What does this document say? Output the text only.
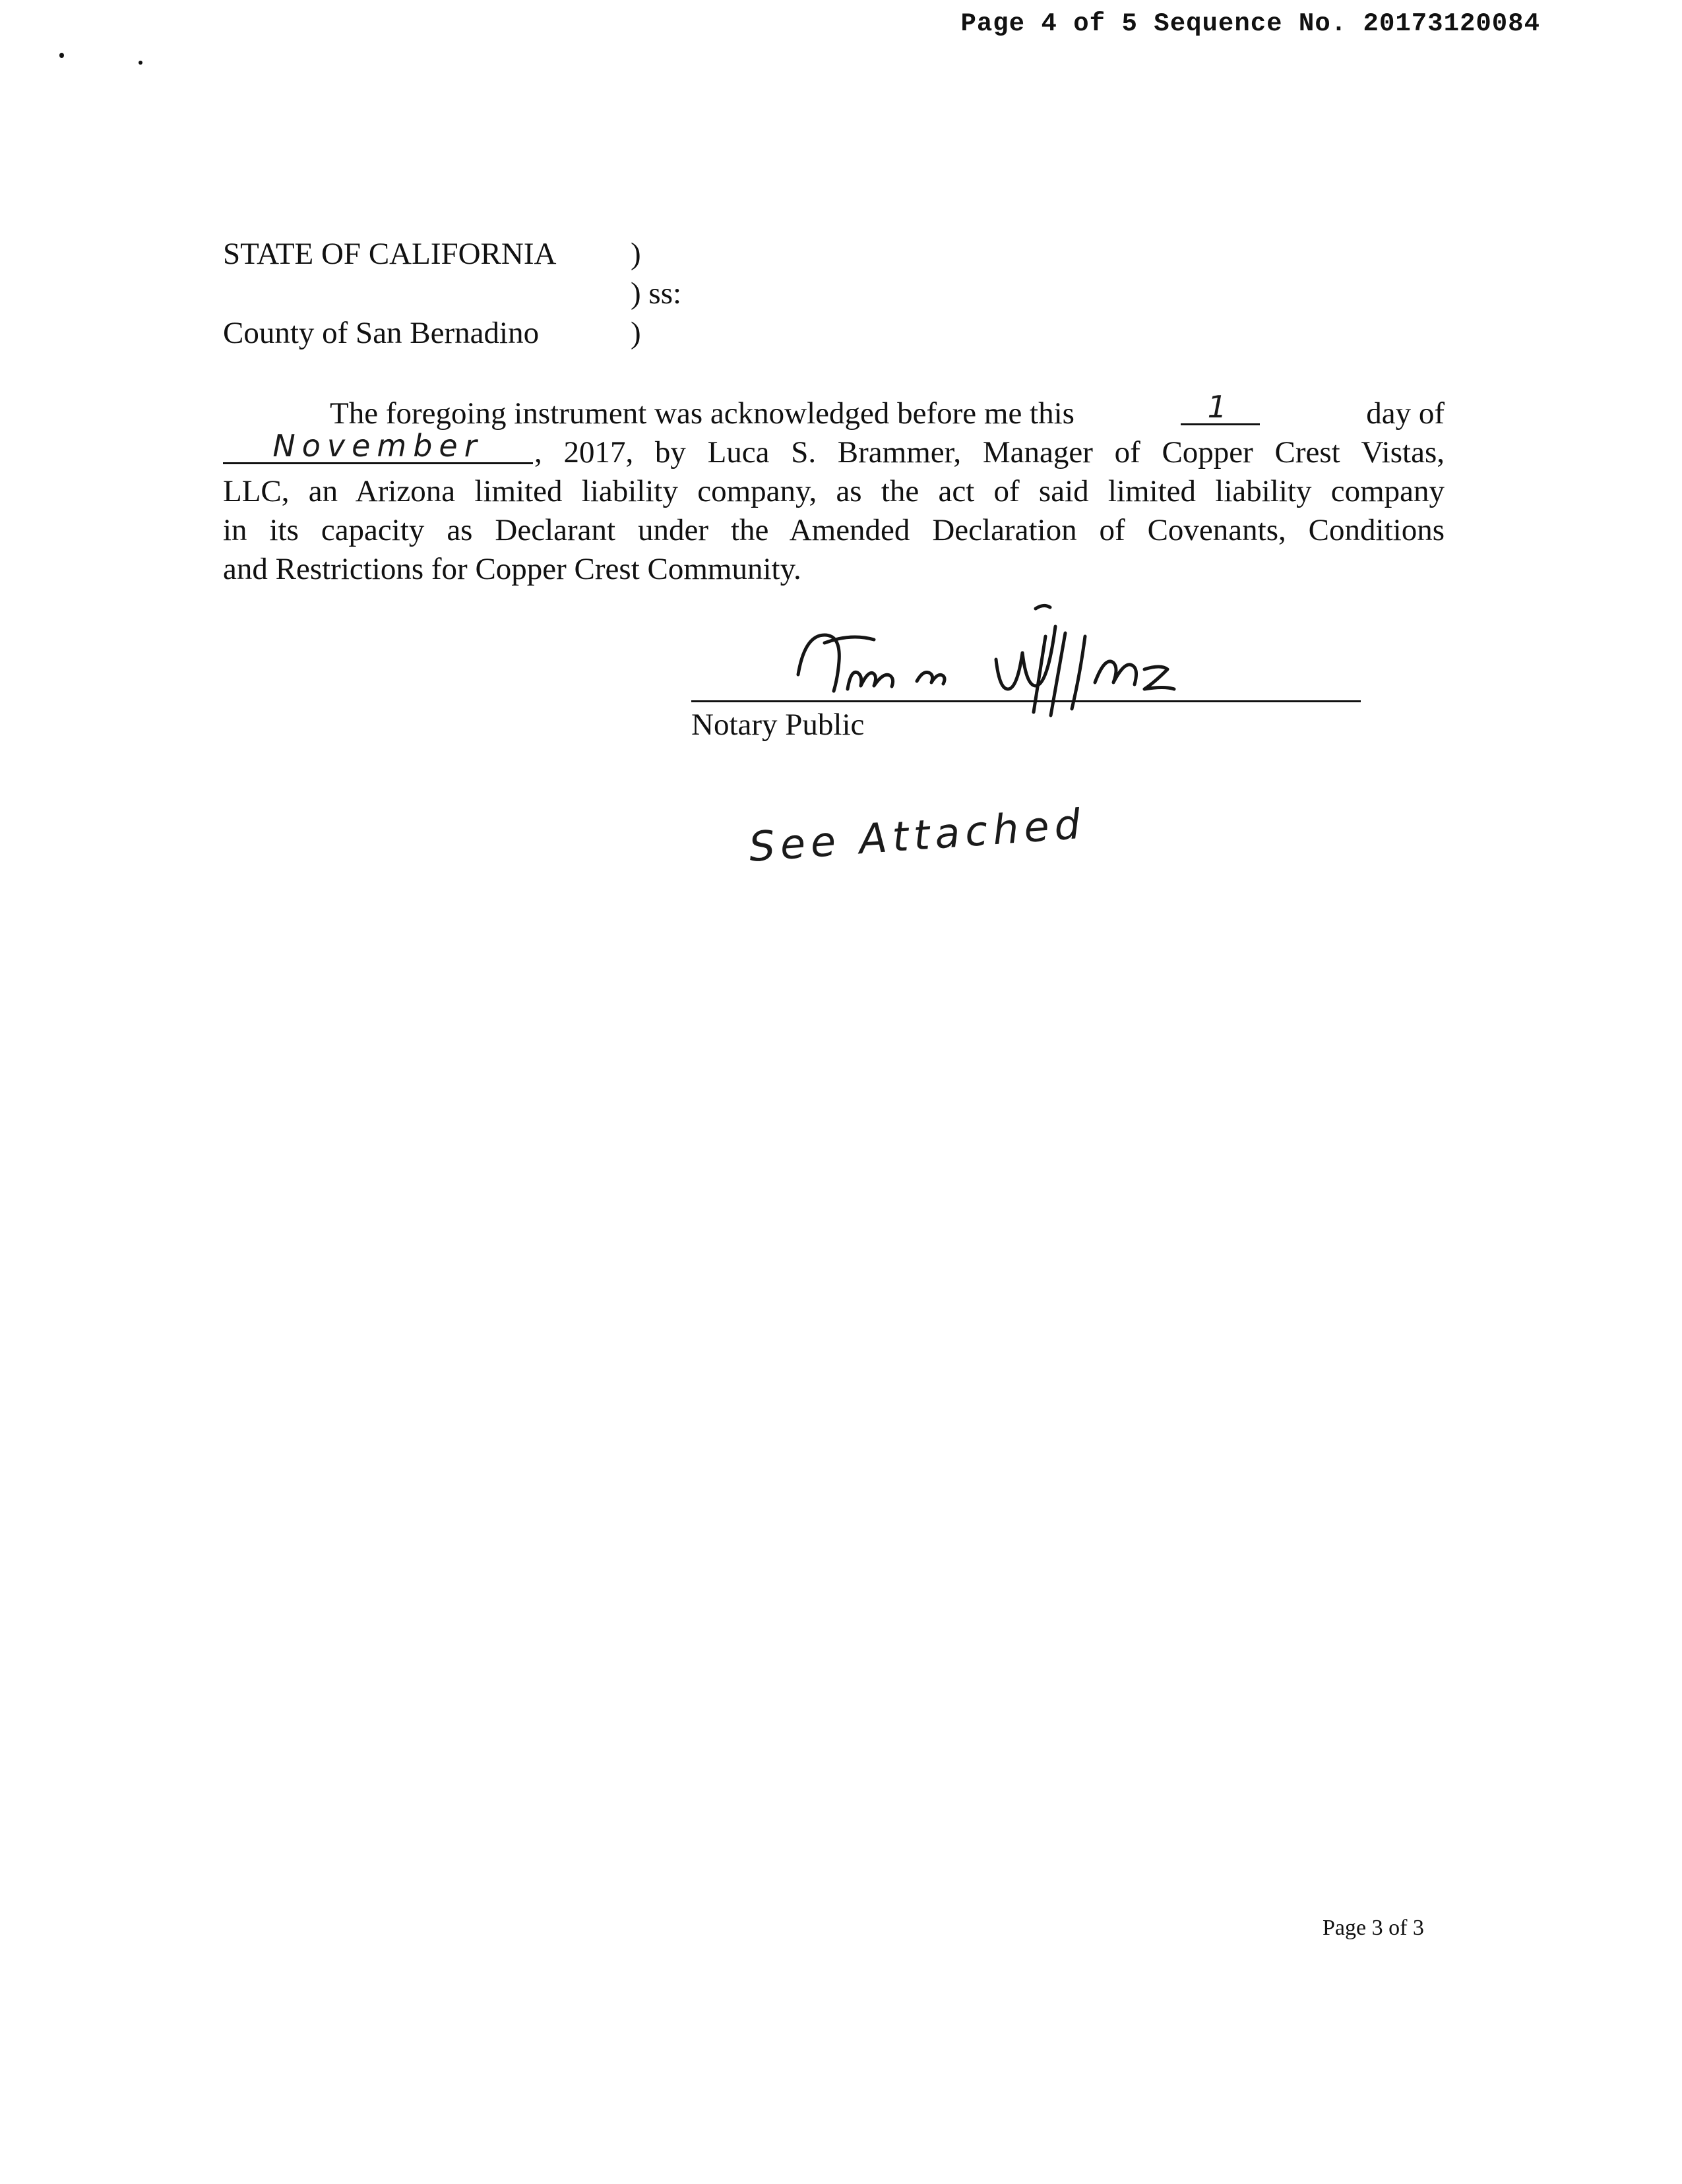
Page 4 of 5 Sequence No. 20173120084
STATE OF CALIFORNIA )
) ss:
County of San Bernadino	)
The foregoing instrument was acknowledged before me this	1	day of
November	, 2017, by Luca S. Brammer, Manager of Copper Crest Vistas,
LLC, an Arizona limited liability company, as the act of said limited liability company
in its capacity as Declarant under the Amended Declaration of Covenants, Conditions
and Restrictions for Copper Crest Community.
Notary Public
See Attached
Page 3 of 3
